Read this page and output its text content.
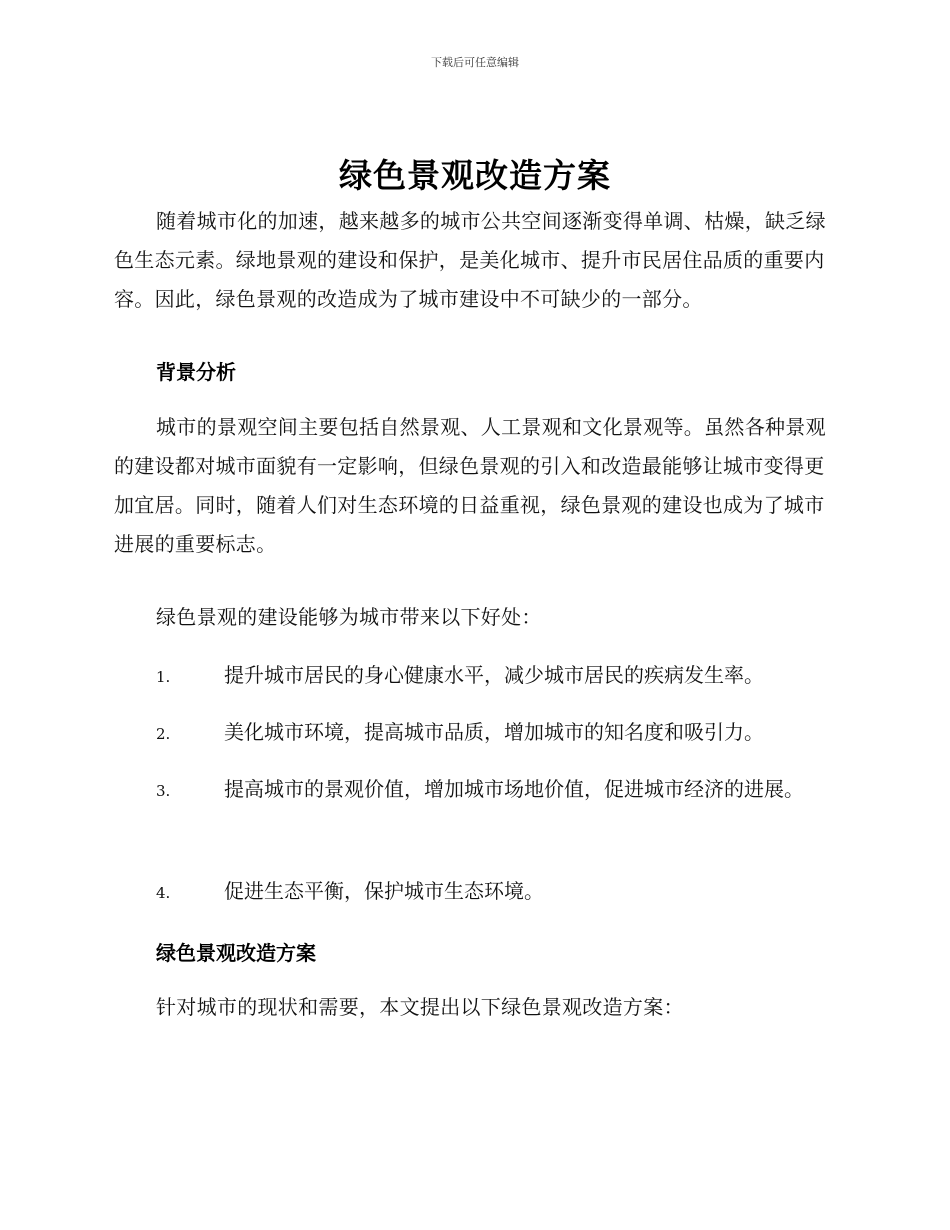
下载后可任意编辑
绿色景观改造方案
随着城市化的加速，越来越多的城市公共空间逐渐变得单调、枯燥，缺乏绿色生态元素。绿地景观的建设和保护，是美化城市、提升市民居住品质的重要内容。因此，绿色景观的改造成为了城市建设中不可缺少的一部分。
背景分析
城市的景观空间主要包括自然景观、人工景观和文化景观等。虽然各种景观的建设都对城市面貌有一定影响，但绿色景观的引入和改造最能够让城市变得更加宜居。同时，随着人们对生态环境的日益重视，绿色景观的建设也成为了城市进展的重要标志。
绿色景观的建设能够为城市带来以下好处：
1.	提升城市居民的身心健康水平，减少城市居民的疾病发生率。
2.	美化城市环境，提高城市品质，增加城市的知名度和吸引力。
3.	提高城市的景观价值，增加城市场地价值，促进城市经济的进展。
4.	促进生态平衡，保护城市生态环境。
绿色景观改造方案
针对城市的现状和需要，本文提出以下绿色景观改造方案：
